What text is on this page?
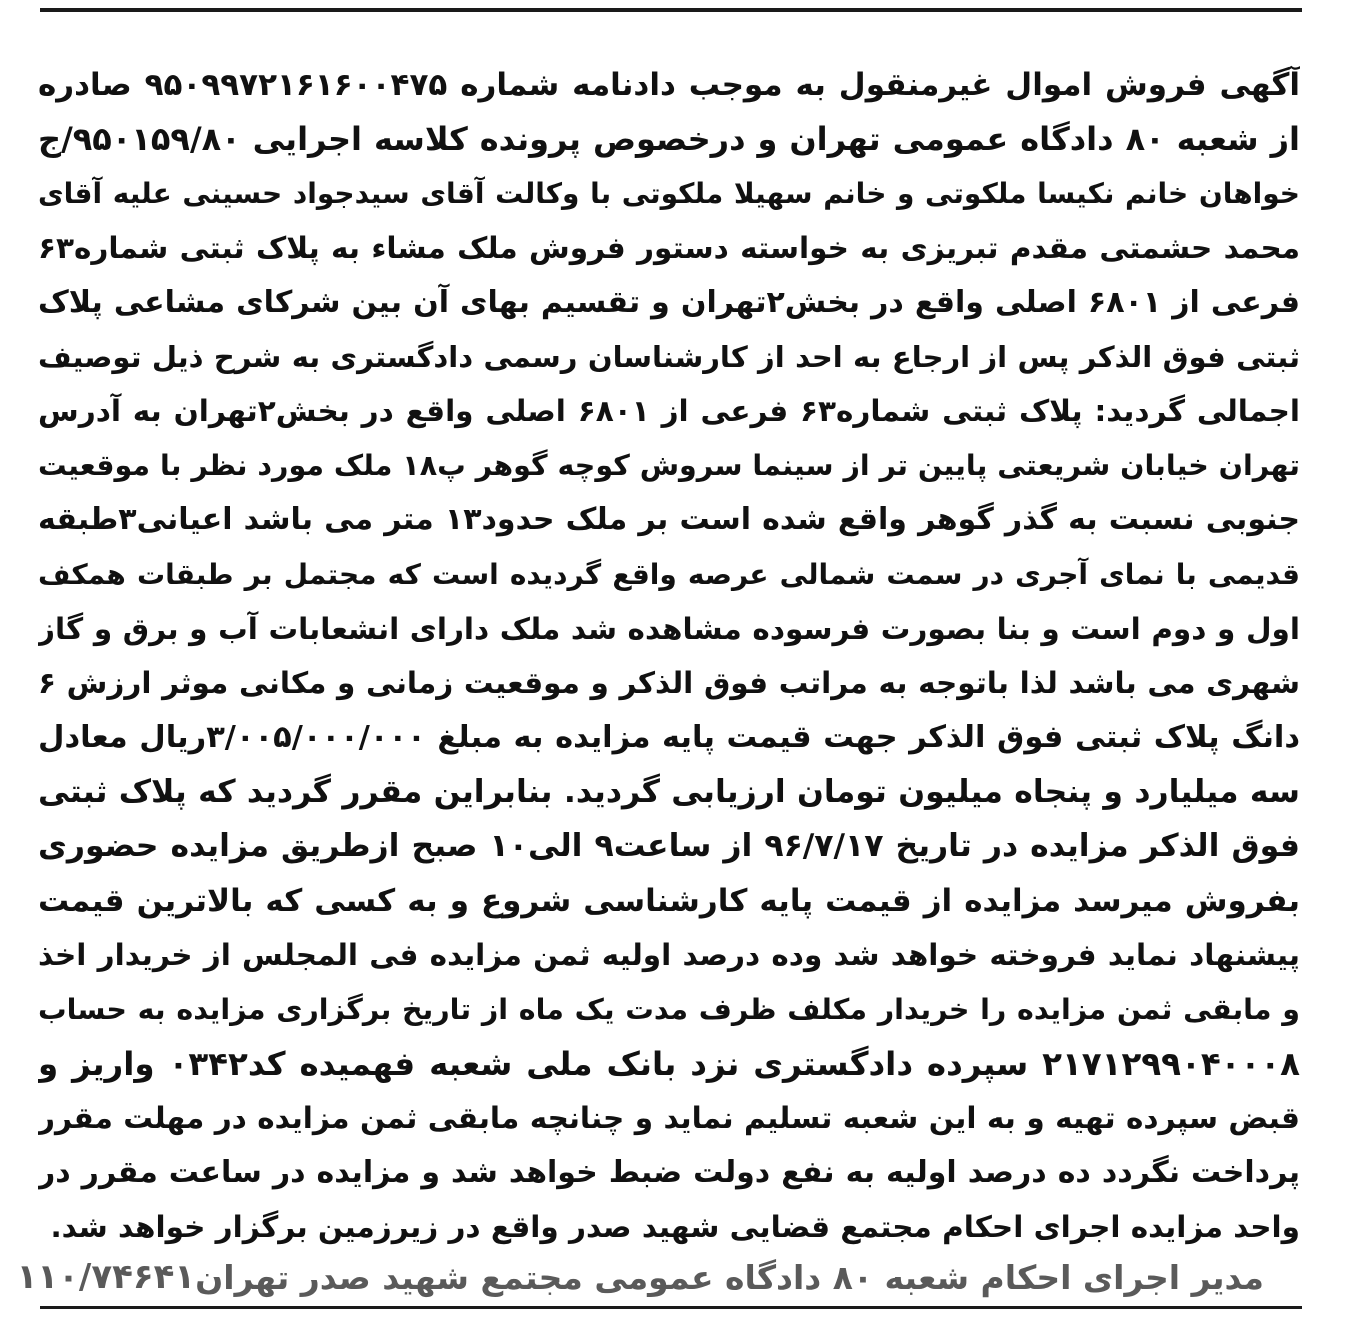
آگهی فروش اموال غیرمنقول به موجب دادنامه شماره ۹۵۰۹۹۷۲۱۶۱۶۰۰۴۷۵ صادره
از شعبه ۸۰ دادگاه عمومی تهران و درخصوص پرونده کلاسه اجرایی ۹۵۰۱۵۹/۸۰/ج
خواهان خانم نکیسا ملکوتی و خانم سهیلا ملکوتی با وکالت آقای سیدجواد حسینی علیه آقای
محمد حشمتی مقدم تبریزی به خواسته دستور فروش ملک مشاء به پلاک ثبتی شماره۶۳
فرعی از ۶۸۰۱ اصلی واقع در بخش۲تهران و تقسیم بهای آن بین شرکای مشاعی پلاک
ثبتی فوق الذکر پس از ارجاع به احد از کارشناسان رسمی دادگستری به شرح ذیل توصیف
اجمالی گردید: پلاک ثبتی شماره۶۳ فرعی از ۶۸۰۱ اصلی واقع در بخش۲تهران به آدرس
تهران خیابان شریعتی پایین تر از سینما سروش کوچه گوهر پ۱۸ ملک مورد نظر با موقعیت
جنوبی نسبت به گذر گوهر واقع شده است بر ملک حدود۱۳ متر می باشد اعیانی۳طبقه
قدیمی با نمای آجری در سمت شمالی عرصه واقع گردیده است که مجتمل بر طبقات همکف
اول و دوم است و بنا بصورت فرسوده مشاهده شد ملک دارای انشعابات آب و برق و گاز
شهری می باشد لذا باتوجه به مراتب فوق الذکر و موقعیت زمانی و مکانی موثر ارزش ۶
دانگ پلاک ثبتی فوق الذکر جهت قیمت پایه مزایده به مبلغ ۳/۰۰۵/۰۰۰/۰۰۰ریال معادل
سه میلیارد و پنجاه میلیون تومان ارزیابی گردید. بنابراین مقرر گردید که پلاک ثبتی
فوق الذکر مزایده در تاریخ ۹۶/۷/۱۷ از ساعت۹ الی۱۰ صبح ازطریق مزایده حضوری
بفروش میرسد مزایده از قیمت پایه کارشناسی شروع و به کسی که بالاترین قیمت
پیشنهاد نماید فروخته خواهد شد وده درصد اولیه ثمن مزایده فی المجلس از خریدار اخذ
و مابقی ثمن مزایده را خریدار مکلف ظرف مدت یک ماه از تاریخ برگزاری مزایده به حساب
۲۱۷۱۲۹۹۰۴۰۰۰۸ سپرده دادگستری نزد بانک ملی شعبه فهمیده کد۰۳۴۲ واریز و
قبض سپرده تهیه و به این شعبه تسلیم نماید و چنانچه مابقی ثمن مزایده در مهلت مقرر
پرداخت نگردد ده درصد اولیه به نفع دولت ضبط خواهد شد و مزایده در ساعت مقرر در
واحد مزایده اجرای احکام مجتمع قضایی شهید صدر واقع در زیرزمین برگزار خواهد شد.
مدیر اجرای احکام شعبه ۸۰ دادگاه عمومی مجتمع شهید صدر تهران
۱۱۰/۷۴۶۴۱
